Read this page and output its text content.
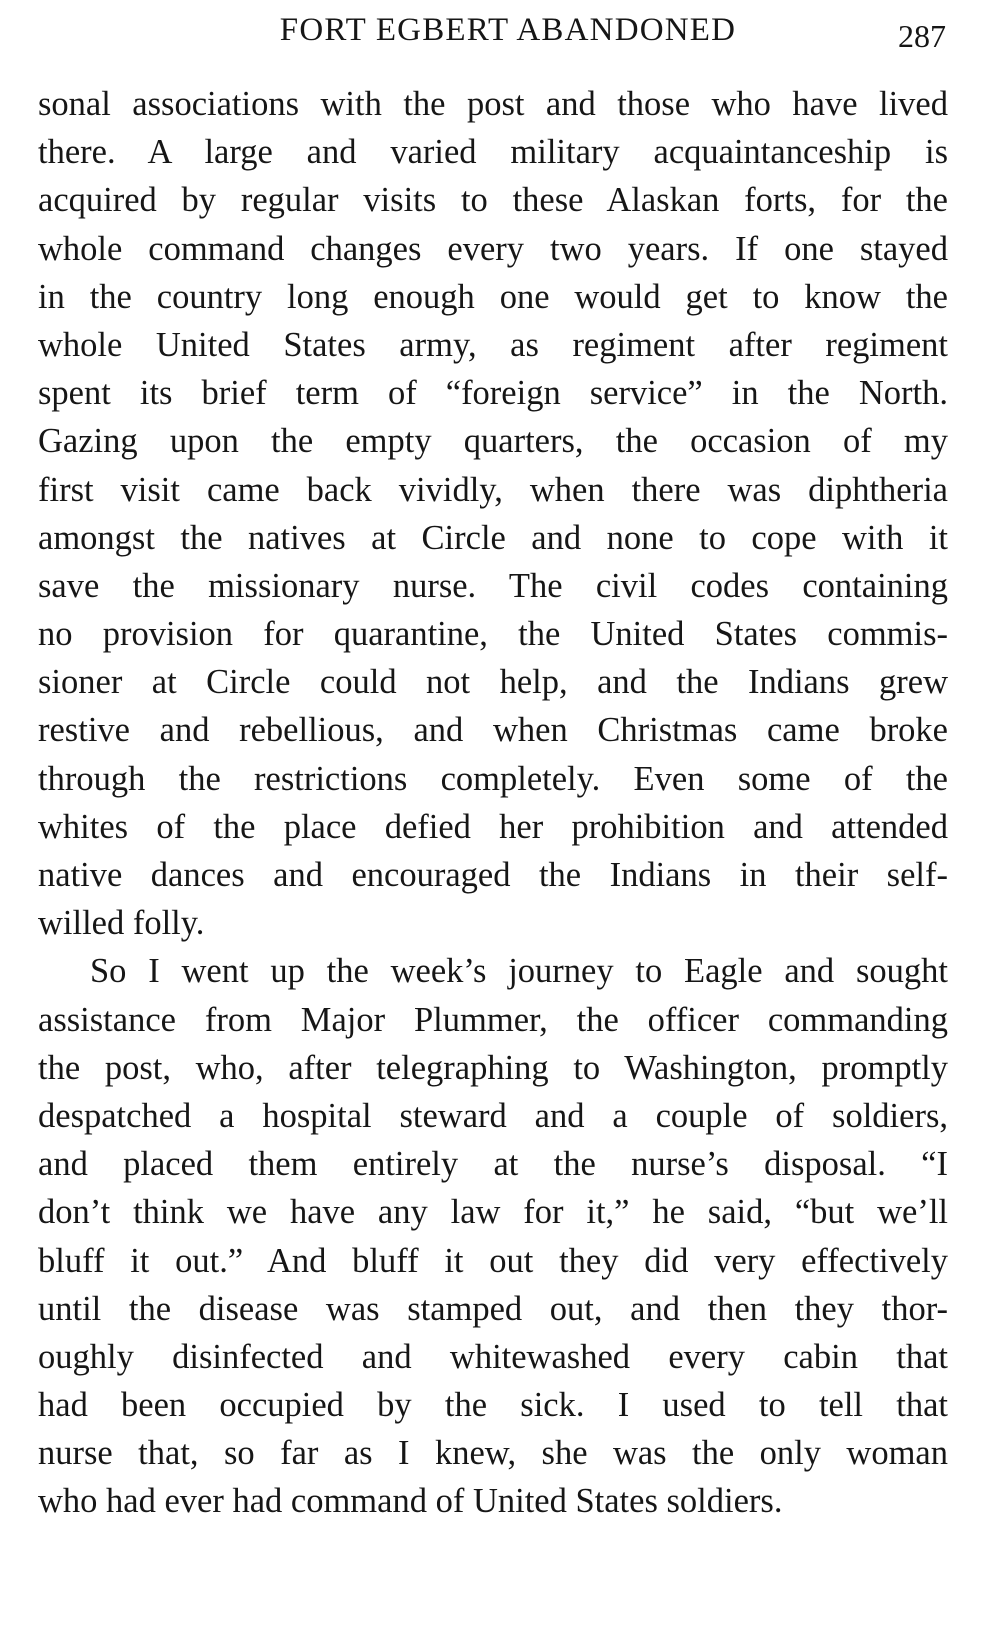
FORT EGBERT ABANDONED	287
sonal associations with the post and those who have lived
there. A large and varied military acquaintanceship is
acquired by regular visits to these Alaskan forts, for the
whole command changes every two years. If one stayed
in the country long enough one would get to know the
whole United States army, as regiment after regiment
spent its brief term of “foreign service” in the North.
Gazing upon the empty quarters, the occasion of my
first visit came back vividly, when there was diphtheria
amongst the natives at Circle and none to cope with it
save the missionary nurse. The civil codes containing
no provision for quarantine, the United States commis-
sioner at Circle could not help, and the Indians grew
restive and rebellious, and when Christmas came broke
through the restrictions completely. Even some of the
whites of the place defied her prohibition and attended
native dances and encouraged the Indians in their self-
willed folly.
So I went up the week’s journey to Eagle and sought
assistance from Major Plummer, the officer commanding
the post, who, after telegraphing to Washington, promptly
despatched a hospital steward and a couple of soldiers,
and placed them entirely at the nurse’s disposal. “I
don’t think we have any law for it,” he said, “but we’ll
bluff it out.” And bluff it out they did very effectively
until the disease was stamped out, and then they thor-
oughly disinfected and whitewashed every cabin that
had been occupied by the sick. I used to tell that
nurse that, so far as I knew, she was the only woman
who had ever had command of United States soldiers.
